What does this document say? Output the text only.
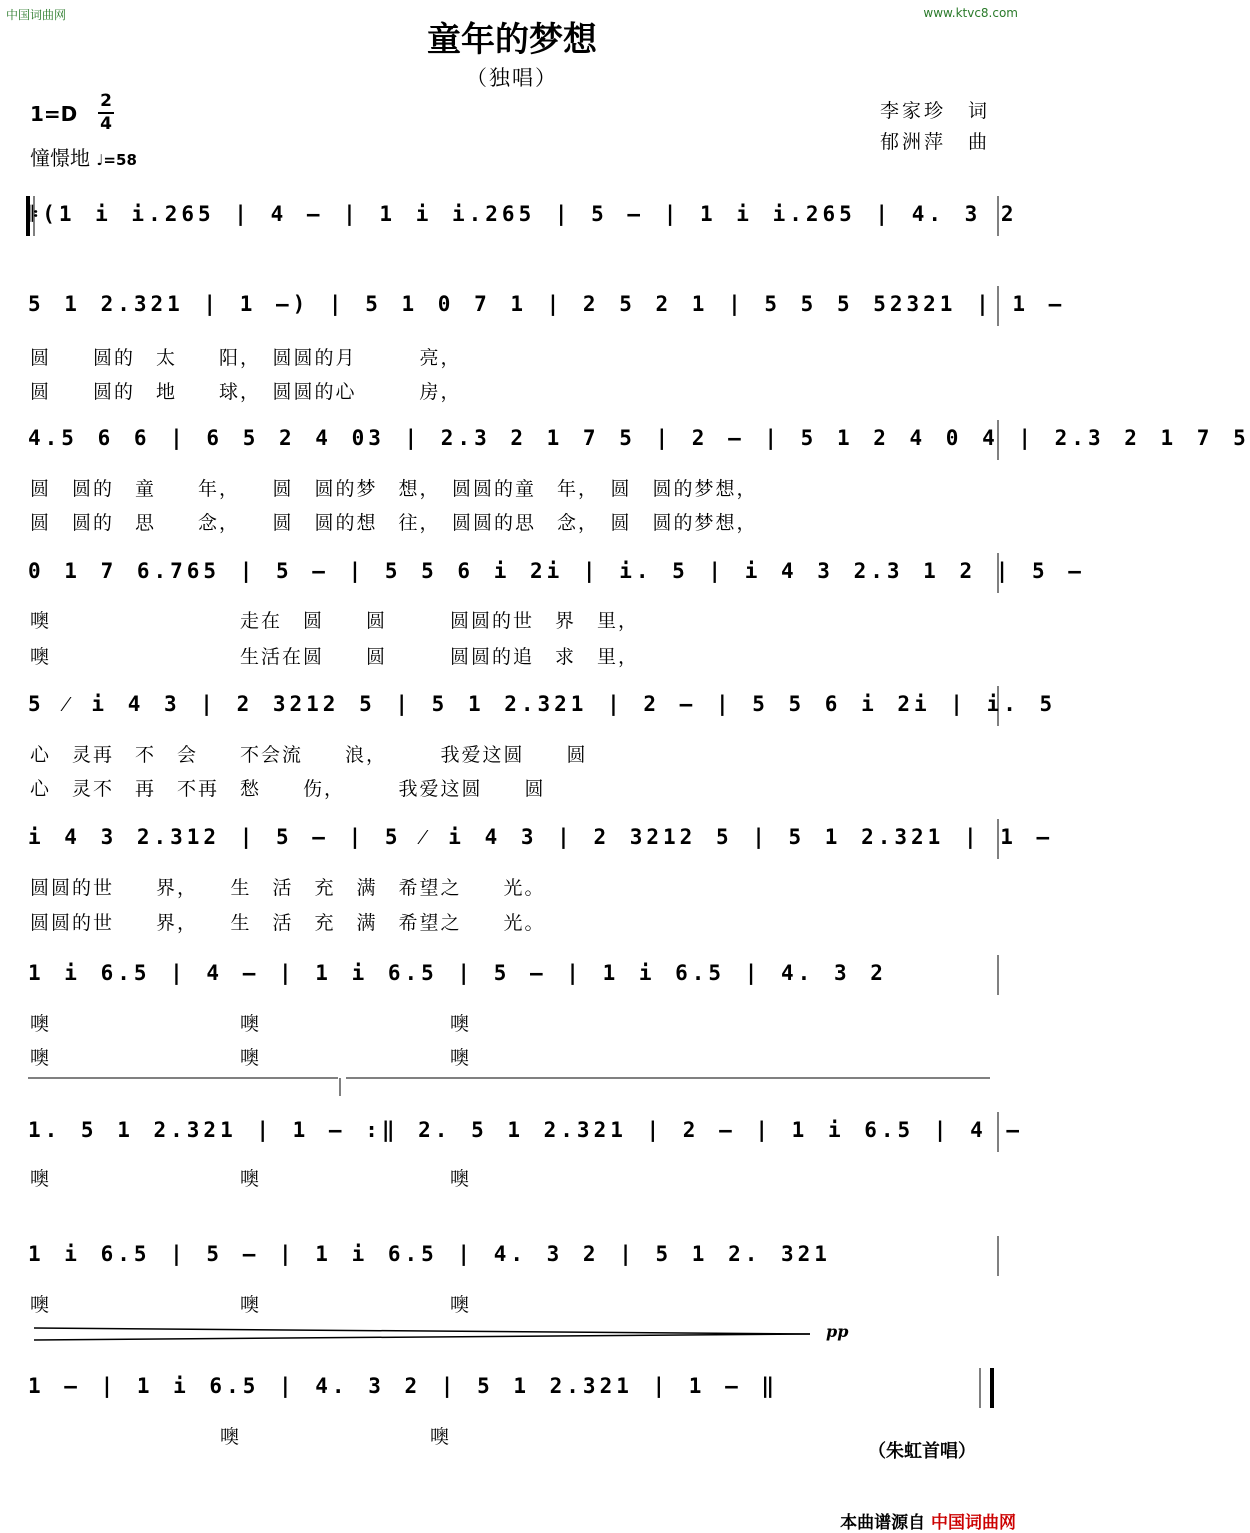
中国词曲网	www.ktvc8.com
童年的梦想
（独唱）
1=D
2
4
憧憬地 ♩=58
李家珍　词
郁洲萍　曲
𝄆(1 i i.265 | 4 – | 1 i i.265 | 5 – | 1 i i.265 | 4. 3 2
5 1 2.321 | 1 –) | 5 1 0 7 1 | 2 5 2 1 | 5 5 5 52321 | 1 –
圆　　圆的　太　　阳，　圆圆的月　　　亮，
圆　　圆的　地　　球，　圆圆的心　　　房，
4.5 6 6 | 6 5 2 4 03 | 2.3 2 1 7 5 | 2 – | 5 1 2 4 0 4 | 2.3 2 1 7 5
圆　圆的　童　　年，　　圆　圆的梦　想，　圆圆的童　年，　圆　圆的梦想，
圆　圆的　思　　念，　　圆　圆的想　往，　圆圆的思　念，　圆　圆的梦想，
0 1 7 6.765 | 5 – | 5 5 6 i 2i | i. 5 | i 4 3 2.3 1 2 | 5 –
噢　　　　　　　　　走在　圆　　圆　　　圆圆的世　界　里，
噢　　　　　　　　　生活在圆　　圆　　　圆圆的追　求　里，
5 ⁄ i 4 3 | 2 3212 5 | 5 1 2.321 | 2 – | 5 5 6 i 2i | i. 5
心　灵再　不　会　　不会流　　浪，　　　我爱这圆　　圆
心　灵不　再　不再　愁　　伤，　　　我爱这圆　　圆
i 4 3 2.312 | 5 – | 5 ⁄ i 4 3 | 2 3212 5 | 5 1 2.321 | 1 –
圆圆的世　　界，　　生　活　充　满　希望之　　光。
圆圆的世　　界，　　生　活　充　满　希望之　　光。
1 i 6.5 | 4 – | 1 i 6.5 | 5 – | 1 i 6.5 | 4. 3 2
噢　　　　　　　　　噢　　　　　　　　　噢
噢　　　　　　　　　噢　　　　　　　　　噢
1. 5 1 2.321 | 1 – :‖ 2. 5 1 2.321 | 2 – | 1 i 6.5 | 4 –
噢　　　　　　　　　噢　　　　　　　　　噢
1 i 6.5 | 5 – | 1 i 6.5 | 4. 3 2 | 5 1 2. 321
噢　　　　　　　　　噢　　　　　　　　　噢
pp
1 – | 1 i 6.5 | 4. 3 2 | 5 1 2.321 | 1 – ‖
噢　　　　　　　　　噢
（朱虹首唱）
本曲谱源自 中国词曲网
